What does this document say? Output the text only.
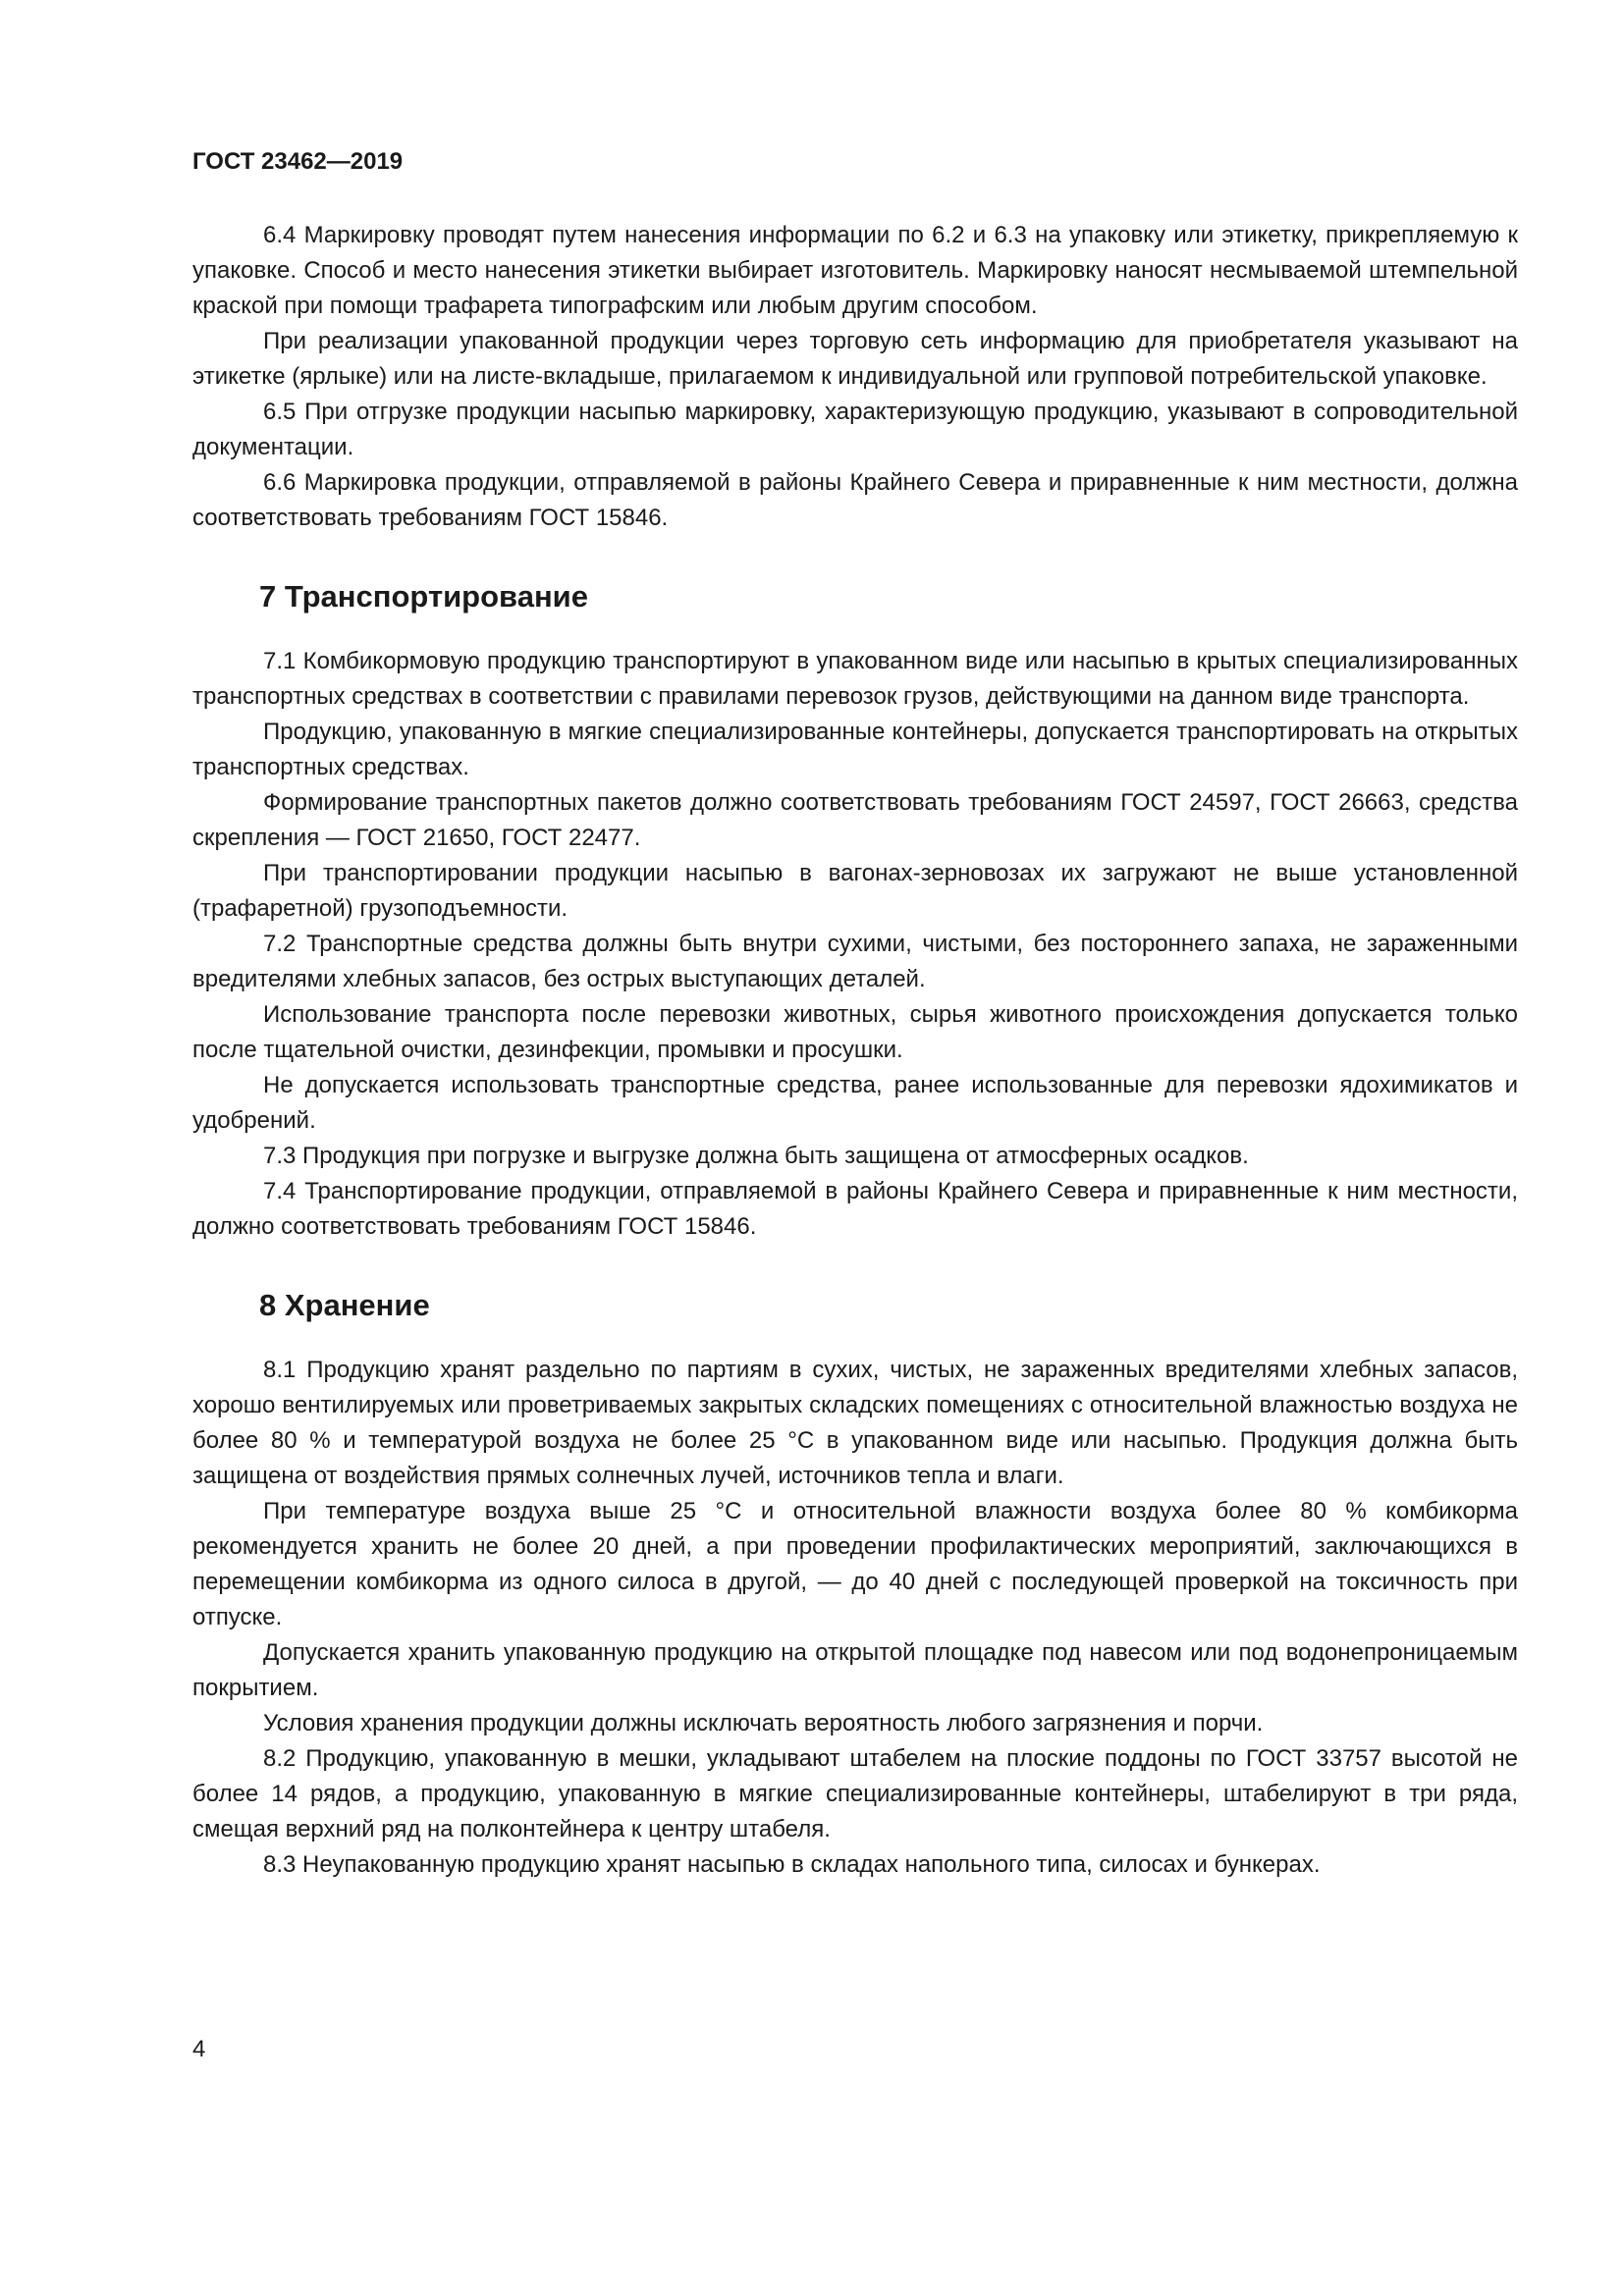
ГОСТ 23462—2019

6.4 Маркировку проводят путем нанесения информации по 6.2 и 6.3 на упаковку или этикетку, прикрепляемую к упаковке. Способ и место нанесения этикетки выбирает изготовитель. Маркировку наносят несмываемой штемпельной краской при помощи трафарета типографским или любым другим способом.

При реализации упакованной продукции через торговую сеть информацию для приобретателя указывают на этикетке (ярлыке) или на листе-вкладыше, прилагаемом к индивидуальной или групповой потребительской упаковке.

6.5 При отгрузке продукции насыпью маркировку, характеризующую продукцию, указывают в сопроводительной документации.

6.6 Маркировка продукции, отправляемой в районы Крайнего Севера и приравненные к ним местности, должна соответствовать требованиям ГОСТ 15846.

7 Транспортирование

7.1 Комбикормовую продукцию транспортируют в упакованном виде или насыпью в крытых специализированных транспортных средствах в соответствии с правилами перевозок грузов, действующими на данном виде транспорта.

Продукцию, упакованную в мягкие специализированные контейнеры, допускается транспортировать на открытых транспортных средствах.

Формирование транспортных пакетов должно соответствовать требованиям ГОСТ 24597, ГОСТ 26663, средства скрепления — ГОСТ 21650, ГОСТ 22477.

При транспортировании продукции насыпью в вагонах-зерновозах их загружают не выше установленной (трафаретной) грузоподъемности.

7.2 Транспортные средства должны быть внутри сухими, чистыми, без постороннего запаха, не зараженными вредителями хлебных запасов, без острых выступающих деталей.

Использование транспорта после перевозки животных, сырья животного происхождения допускается только после тщательной очистки, дезинфекции, промывки и просушки.

Не допускается использовать транспортные средства, ранее использованные для перевозки ядохимикатов и удобрений.

7.3 Продукция при погрузке и выгрузке должна быть защищена от атмосферных осадков.

7.4 Транспортирование продукции, отправляемой в районы Крайнего Севера и приравненные к ним местности, должно соответствовать требованиям ГОСТ 15846.

8 Хранение

8.1 Продукцию хранят раздельно по партиям в сухих, чистых, не зараженных вредителями хлебных запасов, хорошо вентилируемых или проветриваемых закрытых складских помещениях с относительной влажностью воздуха не более 80 % и температурой воздуха не более 25 °C в упакованном виде или насыпью. Продукция должна быть защищена от воздействия прямых солнечных лучей, источников тепла и влаги.

При температуре воздуха выше 25 °C и относительной влажности воздуха более 80 % комбикорма рекомендуется хранить не более 20 дней, а при проведении профилактических мероприятий, заключающихся в перемещении комбикорма из одного силоса в другой, — до 40 дней с последующей проверкой на токсичность при отпуске.

Допускается хранить упакованную продукцию на открытой площадке под навесом или под водонепроницаемым покрытием.

Условия хранения продукции должны исключать вероятность любого загрязнения и порчи.

8.2 Продукцию, упакованную в мешки, укладывают штабелем на плоские поддоны по ГОСТ 33757 высотой не более 14 рядов, а продукцию, упакованную в мягкие специализированные контейнеры, штабелируют в три ряда, смещая верхний ряд на полконтейнера к центру штабеля.

8.3 Неупакованную продукцию хранят насыпью в складах напольного типа, силосах и бункерах.

4
